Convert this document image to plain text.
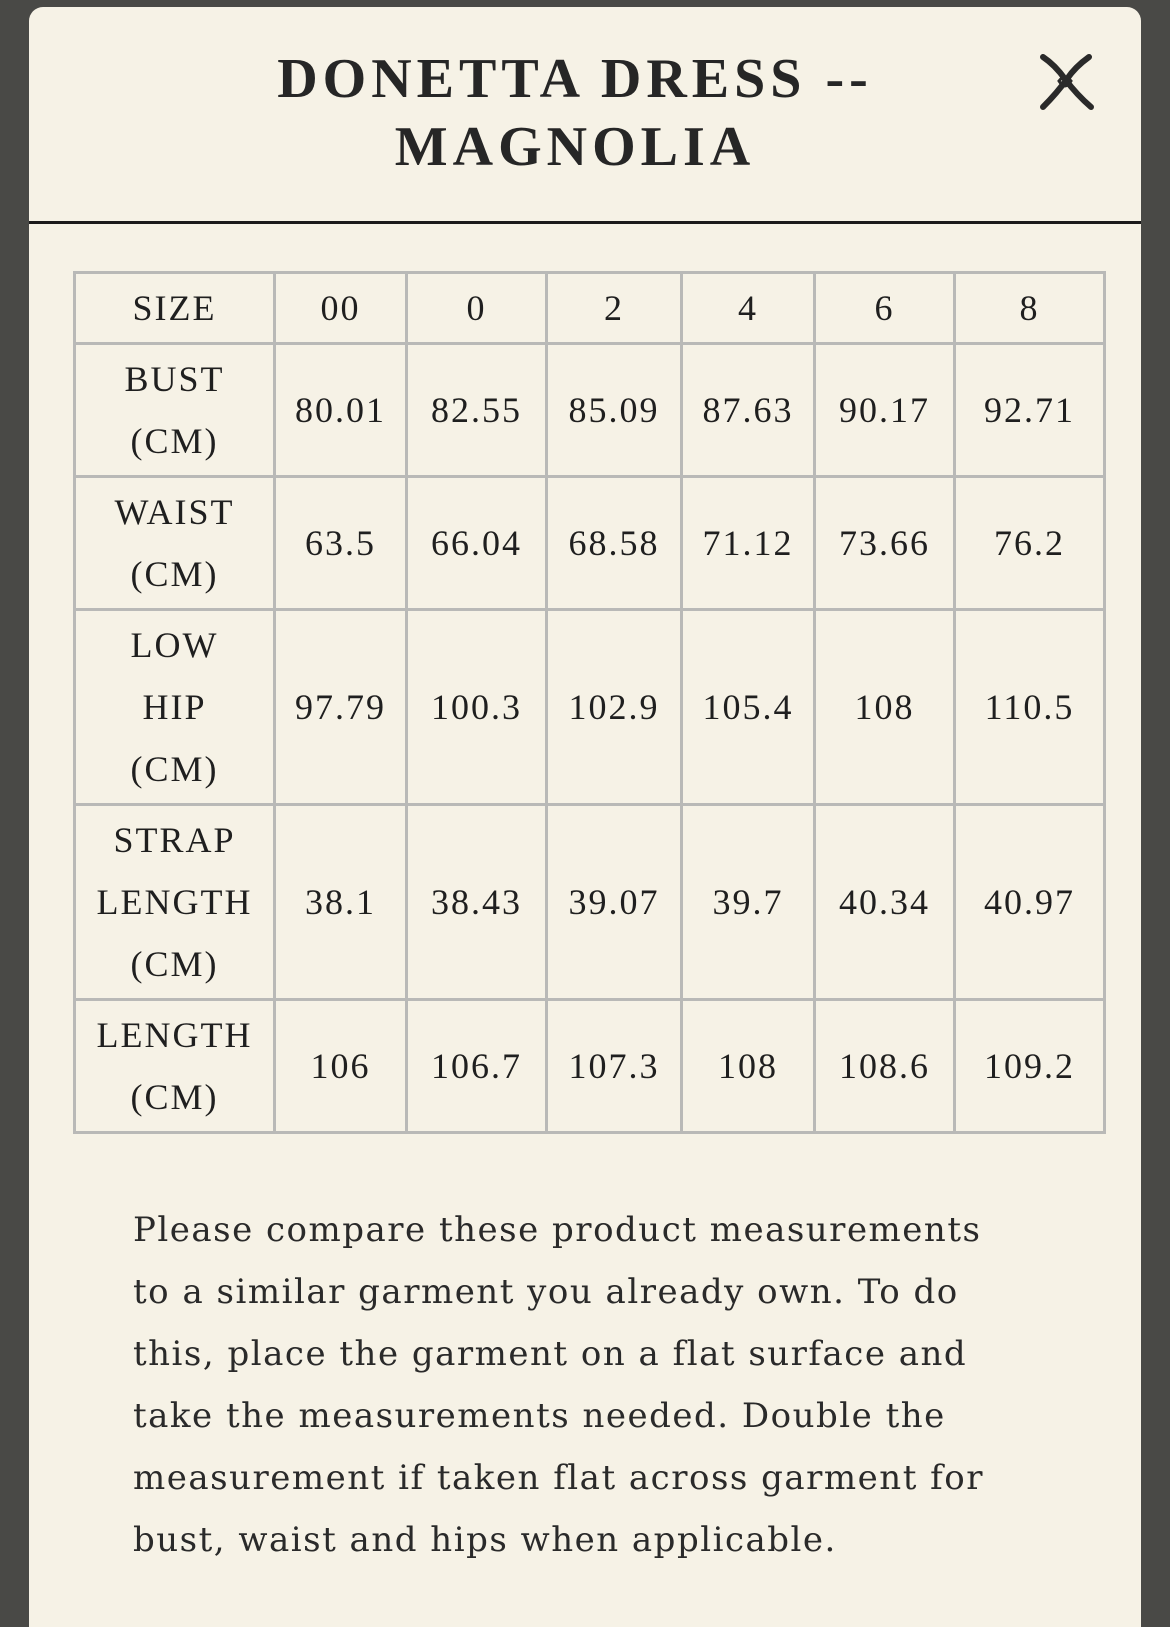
DONETTA DRESS --
MAGNOLIA
SIZE	00	0	2	4	6	8

BUST
(CM)	80.01	82.55	85.09	87.63	90.17	92.71

WAIST
(CM)	63.5	66.04	68.58	71.12	73.66	76.2

LOW
HIP
(CM)	97.79	100.3	102.9	105.4	108	110.5

STRAP
LENGTH
(CM)	38.1	38.43	39.07	39.7	40.34	40.97

LENGTH
(CM)	106	106.7	107.3	108	108.6	109.2

Please compare these product measurements to a similar garment you already own. To do this, place the garment on a flat surface and take the measurements needed. Double the measurement if taken flat across garment for bust, waist and hips when applicable.
